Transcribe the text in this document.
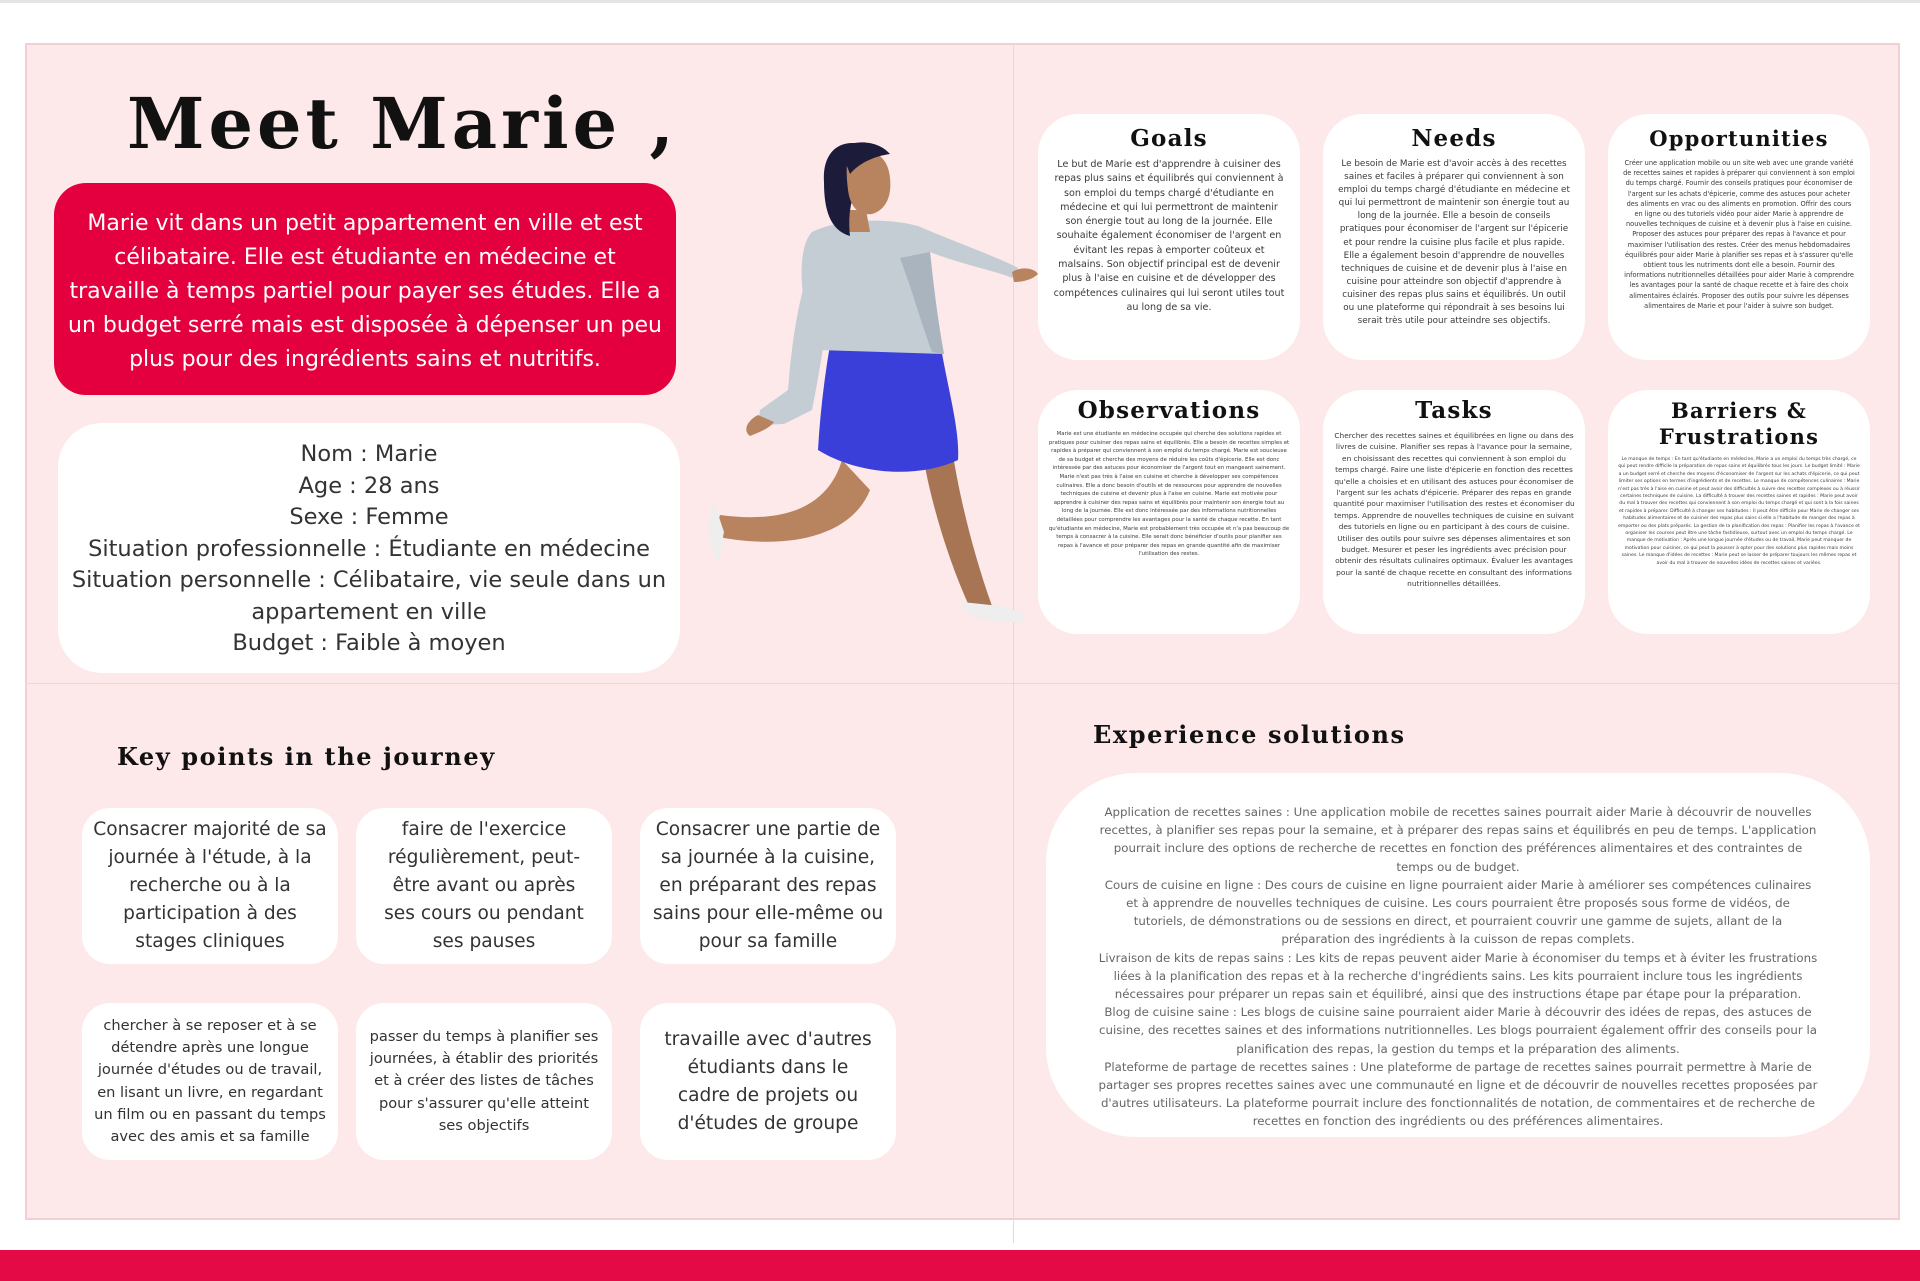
Meet Marie ,
Marie vit dans un petit appartement en ville et est célibataire. Elle est étudiante en médecine et travaille à temps partiel pour payer ses études. Elle a un budget serré mais est disposée à dépenser un peu plus pour des ingrédients sains et nutritifs.
Nom : Marie
Age : 28 ans
Sexe : Femme
Situation professionnelle : Étudiante en médecine
Situation personnelle : Célibataire, vie seule dans un appartement en ville
Budget : Faible à moyen
Goals

Le but de Marie est d'apprendre à cuisiner des repas plus sains et équilibrés qui conviennent à son emploi du temps chargé d'étudiante en médecine et qui lui permettront de maintenir son énergie tout au long de la journée. Elle souhaite également économiser de l'argent en évitant les repas à emporter coûteux et malsains. Son objectif principal est de devenir plus à l'aise en cuisine et de développer des compétences culinaires qui lui seront utiles tout au long de sa vie.

Needs

Le besoin de Marie est d'avoir accès à des recettes saines et faciles à préparer qui conviennent à son emploi du temps chargé d'étudiante en médecine et qui lui permettront de maintenir son énergie tout au long de la journée. Elle a besoin de conseils pratiques pour économiser de l'argent sur l'épicerie et pour rendre la cuisine plus facile et plus rapide. Elle a également besoin d'apprendre de nouvelles techniques de cuisine et de devenir plus à l'aise en cuisine pour atteindre son objectif d'apprendre à cuisiner des repas plus sains et équilibrés. Un outil ou une plateforme qui répondrait à ses besoins lui serait très utile pour atteindre ses objectifs.

Opportunities

Créer une application mobile ou un site web avec une grande variété de recettes saines et rapides à préparer qui conviennent à son emploi du temps chargé. Fournir des conseils pratiques pour économiser de l'argent sur les achats d'épicerie, comme des astuces pour acheter des aliments en vrac ou des aliments en promotion. Offrir des cours en ligne ou des tutoriels vidéo pour aider Marie à apprendre de nouvelles techniques de cuisine et à devenir plus à l'aise en cuisine. Proposer des astuces pour préparer des repas à l'avance et pour maximiser l'utilisation des restes. Créer des menus hebdomadaires équilibrés pour aider Marie à planifier ses repas et à s'assurer qu'elle obtient tous les nutriments dont elle a besoin. Fournir des informations nutritionnelles détaillées pour aider Marie à comprendre les avantages pour la santé de chaque recette et à faire des choix alimentaires éclairés. Proposer des outils pour suivre les dépenses alimentaires de Marie et pour l'aider à suivre son budget.

Observations

Marie est une étudiante en médecine occupée qui cherche des solutions rapides et pratiques pour cuisiner des repas sains et équilibrés. Elle a besoin de recettes simples et rapides à préparer qui conviennent à son emploi du temps chargé. Marie est soucieuse de sa budget et cherche des moyens de réduire les coûts d'épicerie. Elle est donc intéressée par des astuces pour économiser de l'argent tout en mangeant sainement. Marie n'est pas très à l'aise en cuisine et cherche à développer ses compétences culinaires. Elle a donc besoin d'outils et de ressources pour apprendre de nouvelles techniques de cuisine et devenir plus à l'aise en cuisine. Marie est motivée pour apprendre à cuisiner des repas sains et équilibrés pour maintenir son énergie tout au long de la journée. Elle est donc intéressée par des informations nutritionnelles détaillées pour comprendre les avantages pour la santé de chaque recette. En tant qu'étudiante en médecine, Marie est probablement très occupée et n'a pas beaucoup de temps à consacrer à la cuisine. Elle serait donc bénéficier d'outils pour planifier ses repas à l'avance et pour préparer des repas en grande quantité afin de maximiser l'utilisation des restes.

Tasks

Chercher des recettes saines et équilibrées en ligne ou dans des livres de cuisine. Planifier ses repas à l'avance pour la semaine, en choisissant des recettes qui conviennent à son emploi du temps chargé. Faire une liste d'épicerie en fonction des recettes qu'elle a choisies et en utilisant des astuces pour économiser de l'argent sur les achats d'épicerie. Préparer des repas en grande quantité pour maximiser l'utilisation des restes et économiser du temps. Apprendre de nouvelles techniques de cuisine en suivant des tutoriels en ligne ou en participant à des cours de cuisine. Utiliser des outils pour suivre ses dépenses alimentaires et son budget. Mesurer et peser les ingrédients avec précision pour obtenir des résultats culinaires optimaux. Évaluer les avantages pour la santé de chaque recette en consultant des informations nutritionnelles détaillées.

Barriers & Frustrations

Le manque de temps : En tant qu'étudiante en médecine, Marie a un emploi du temps très chargé, ce qui peut rendre difficile la préparation de repas sains et équilibrés tous les jours. Le budget limité : Marie a un budget serré et cherche des moyens d'économiser de l'argent sur les achats d'épicerie, ce qui peut limiter ses options en termes d'ingrédients et de recettes. Le manque de compétences culinaires : Marie n'est pas très à l'aise en cuisine et peut avoir des difficultés à suivre des recettes complexes ou à réussir certaines techniques de cuisine. La difficulté à trouver des recettes saines et rapides : Marie peut avoir du mal à trouver des recettes qui conviennent à son emploi du temps chargé et qui sont à la fois saines et rapides à préparer. Difficulté à changer ses habitudes : Il peut être difficile pour Marie de changer ses habitudes alimentaires et de cuisiner des repas plus sains si elle a l'habitude de manger des repas à emporter ou des plats préparés. La gestion de la planification des repas : Planifier les repas à l'avance et organiser les courses peut être une tâche fastidieuse, surtout avec un emploi du temps chargé. Le manque de motivation : Après une longue journée d'études ou de travail, Marie peut manquer de motivation pour cuisiner, ce qui peut la pousser à opter pour des solutions plus rapides mais moins saines. Le manque d'idées de recettes : Marie peut se lasser de préparer toujours les mêmes repas et avoir du mal à trouver de nouvelles idées de recettes saines et variées.

Key points in the journey
Consacrer majorité de sa journée à l'étude, à la recherche ou à la participation à des stages cliniques
faire de l'exercice régulièrement, peut-être avant ou après ses cours ou pendant ses pauses
Consacrer une partie de sa journée à la cuisine, en préparant des repas sains pour elle-même ou pour sa famille
chercher à se reposer et à se détendre après une longue journée d'études ou de travail, en lisant un livre, en regardant un film ou en passant du temps avec des amis et sa famille
passer du temps à planifier ses journées, à établir des priorités et à créer des listes de tâches pour s'assurer qu'elle atteint ses objectifs
travaille avec d'autres étudiants dans le cadre de projets ou d'études de groupe
Experience solutions

Application de recettes saines : Une application mobile de recettes saines pourrait aider Marie à découvrir de nouvelles recettes, à planifier ses repas pour la semaine, et à préparer des repas sains et équilibrés en peu de temps. L'application pourrait inclure des options de recherche de recettes en fonction des préférences alimentaires et des contraintes de temps ou de budget.

Cours de cuisine en ligne : Des cours de cuisine en ligne pourraient aider Marie à améliorer ses compétences culinaires et à apprendre de nouvelles techniques de cuisine. Les cours pourraient être proposés sous forme de vidéos, de tutoriels, de démonstrations ou de sessions en direct, et pourraient couvrir une gamme de sujets, allant de la préparation des ingrédients à la cuisson de repas complets.

Livraison de kits de repas sains : Les kits de repas peuvent aider Marie à économiser du temps et à éviter les frustrations liées à la planification des repas et à la recherche d'ingrédients sains. Les kits pourraient inclure tous les ingrédients nécessaires pour préparer un repas sain et équilibré, ainsi que des instructions étape par étape pour la préparation.

Blog de cuisine saine : Les blogs de cuisine saine pourraient aider Marie à découvrir des idées de repas, des astuces de cuisine, des recettes saines et des informations nutritionnelles. Les blogs pourraient également offrir des conseils pour la planification des repas, la gestion du temps et la préparation des aliments.

Plateforme de partage de recettes saines : Une plateforme de partage de recettes saines pourrait permettre à Marie de partager ses propres recettes saines avec une communauté en ligne et de découvrir de nouvelles recettes proposées par d'autres utilisateurs. La plateforme pourrait inclure des fonctionnalités de notation, de commentaires et de recherche de recettes en fonction des ingrédients ou des préférences alimentaires.
